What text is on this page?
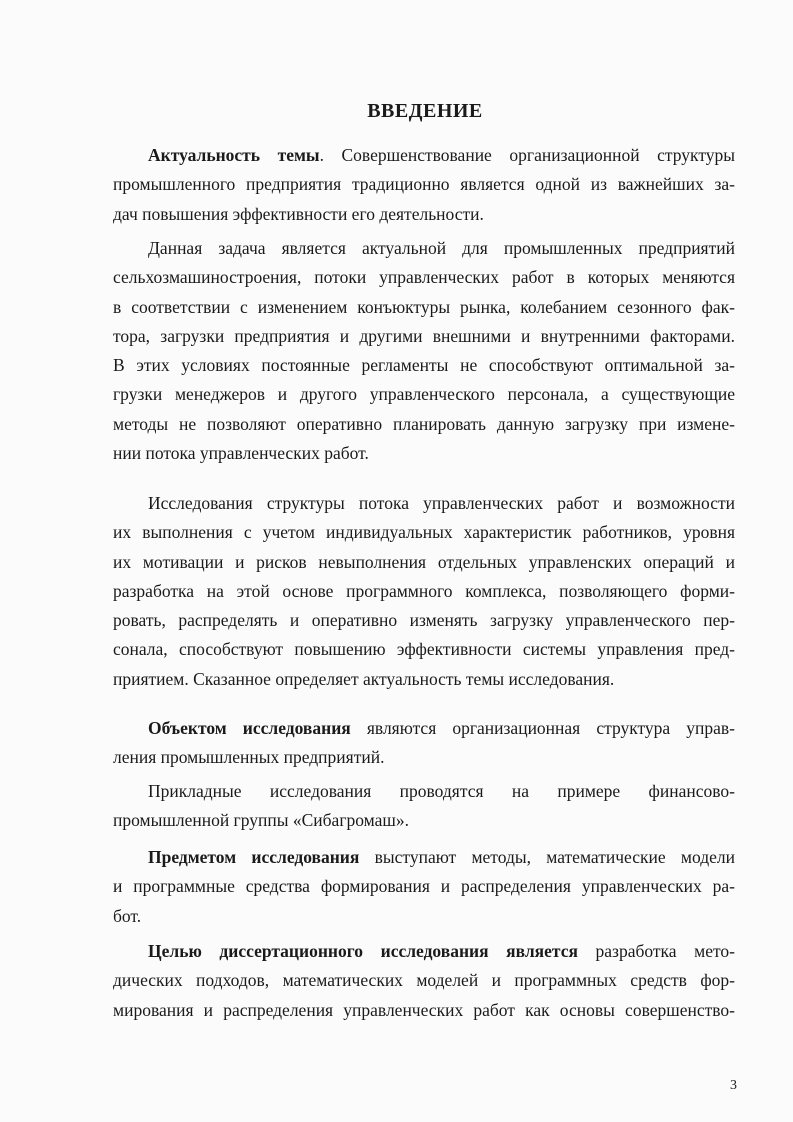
ВВЕДЕНИЕ

Актуальность темы. Совершенствование организационной структуры
промышленного предприятия традиционно является одной из важнейших за-
дач повышения эффективности его деятельности.

Данная задача является актуальной для промышленных предприятий
сельхозмашиностроения, потоки управленческих работ в которых меняются
в соответствии с изменением конъюктуры рынка, колебанием сезонного фак-
тора, загрузки предприятия и другими внешними и внутренними факторами.
В этих условиях постоянные регламенты не способствуют оптимальной за-
грузки менеджеров и другого управленческого персонала, а существующие
методы не позволяют оперативно планировать данную загрузку при измене-
нии потока управленческих работ.

Исследования структуры потока управленческих работ и возможности
их выполнения с учетом индивидуальных характеристик работников, уровня
их мотивации и рисков невыполнения отдельных управленских операций и
разработка на этой основе программного комплекса, позволяющего форми-
ровать, распределять и оперативно изменять загрузку управленческого пер-
сонала, способствуют повышению эффективности системы управления пред-
приятием. Сказанное определяет актуальность темы исследования.

Объектом исследования являются организационная структура управ-
ления промышленных предприятий.

Прикладные исследования проводятся на примере финансово-
промышленной группы «Сибагромаш».

Предметом исследования выступают методы, математические модели
и программные средства формирования и распределения управленческих ра-
бот.

Целью диссертационного исследования является разработка мето-
дических подходов, математических моделей и программных средств фор-
мирования и распределения управленческих работ как основы совершенство-

3
